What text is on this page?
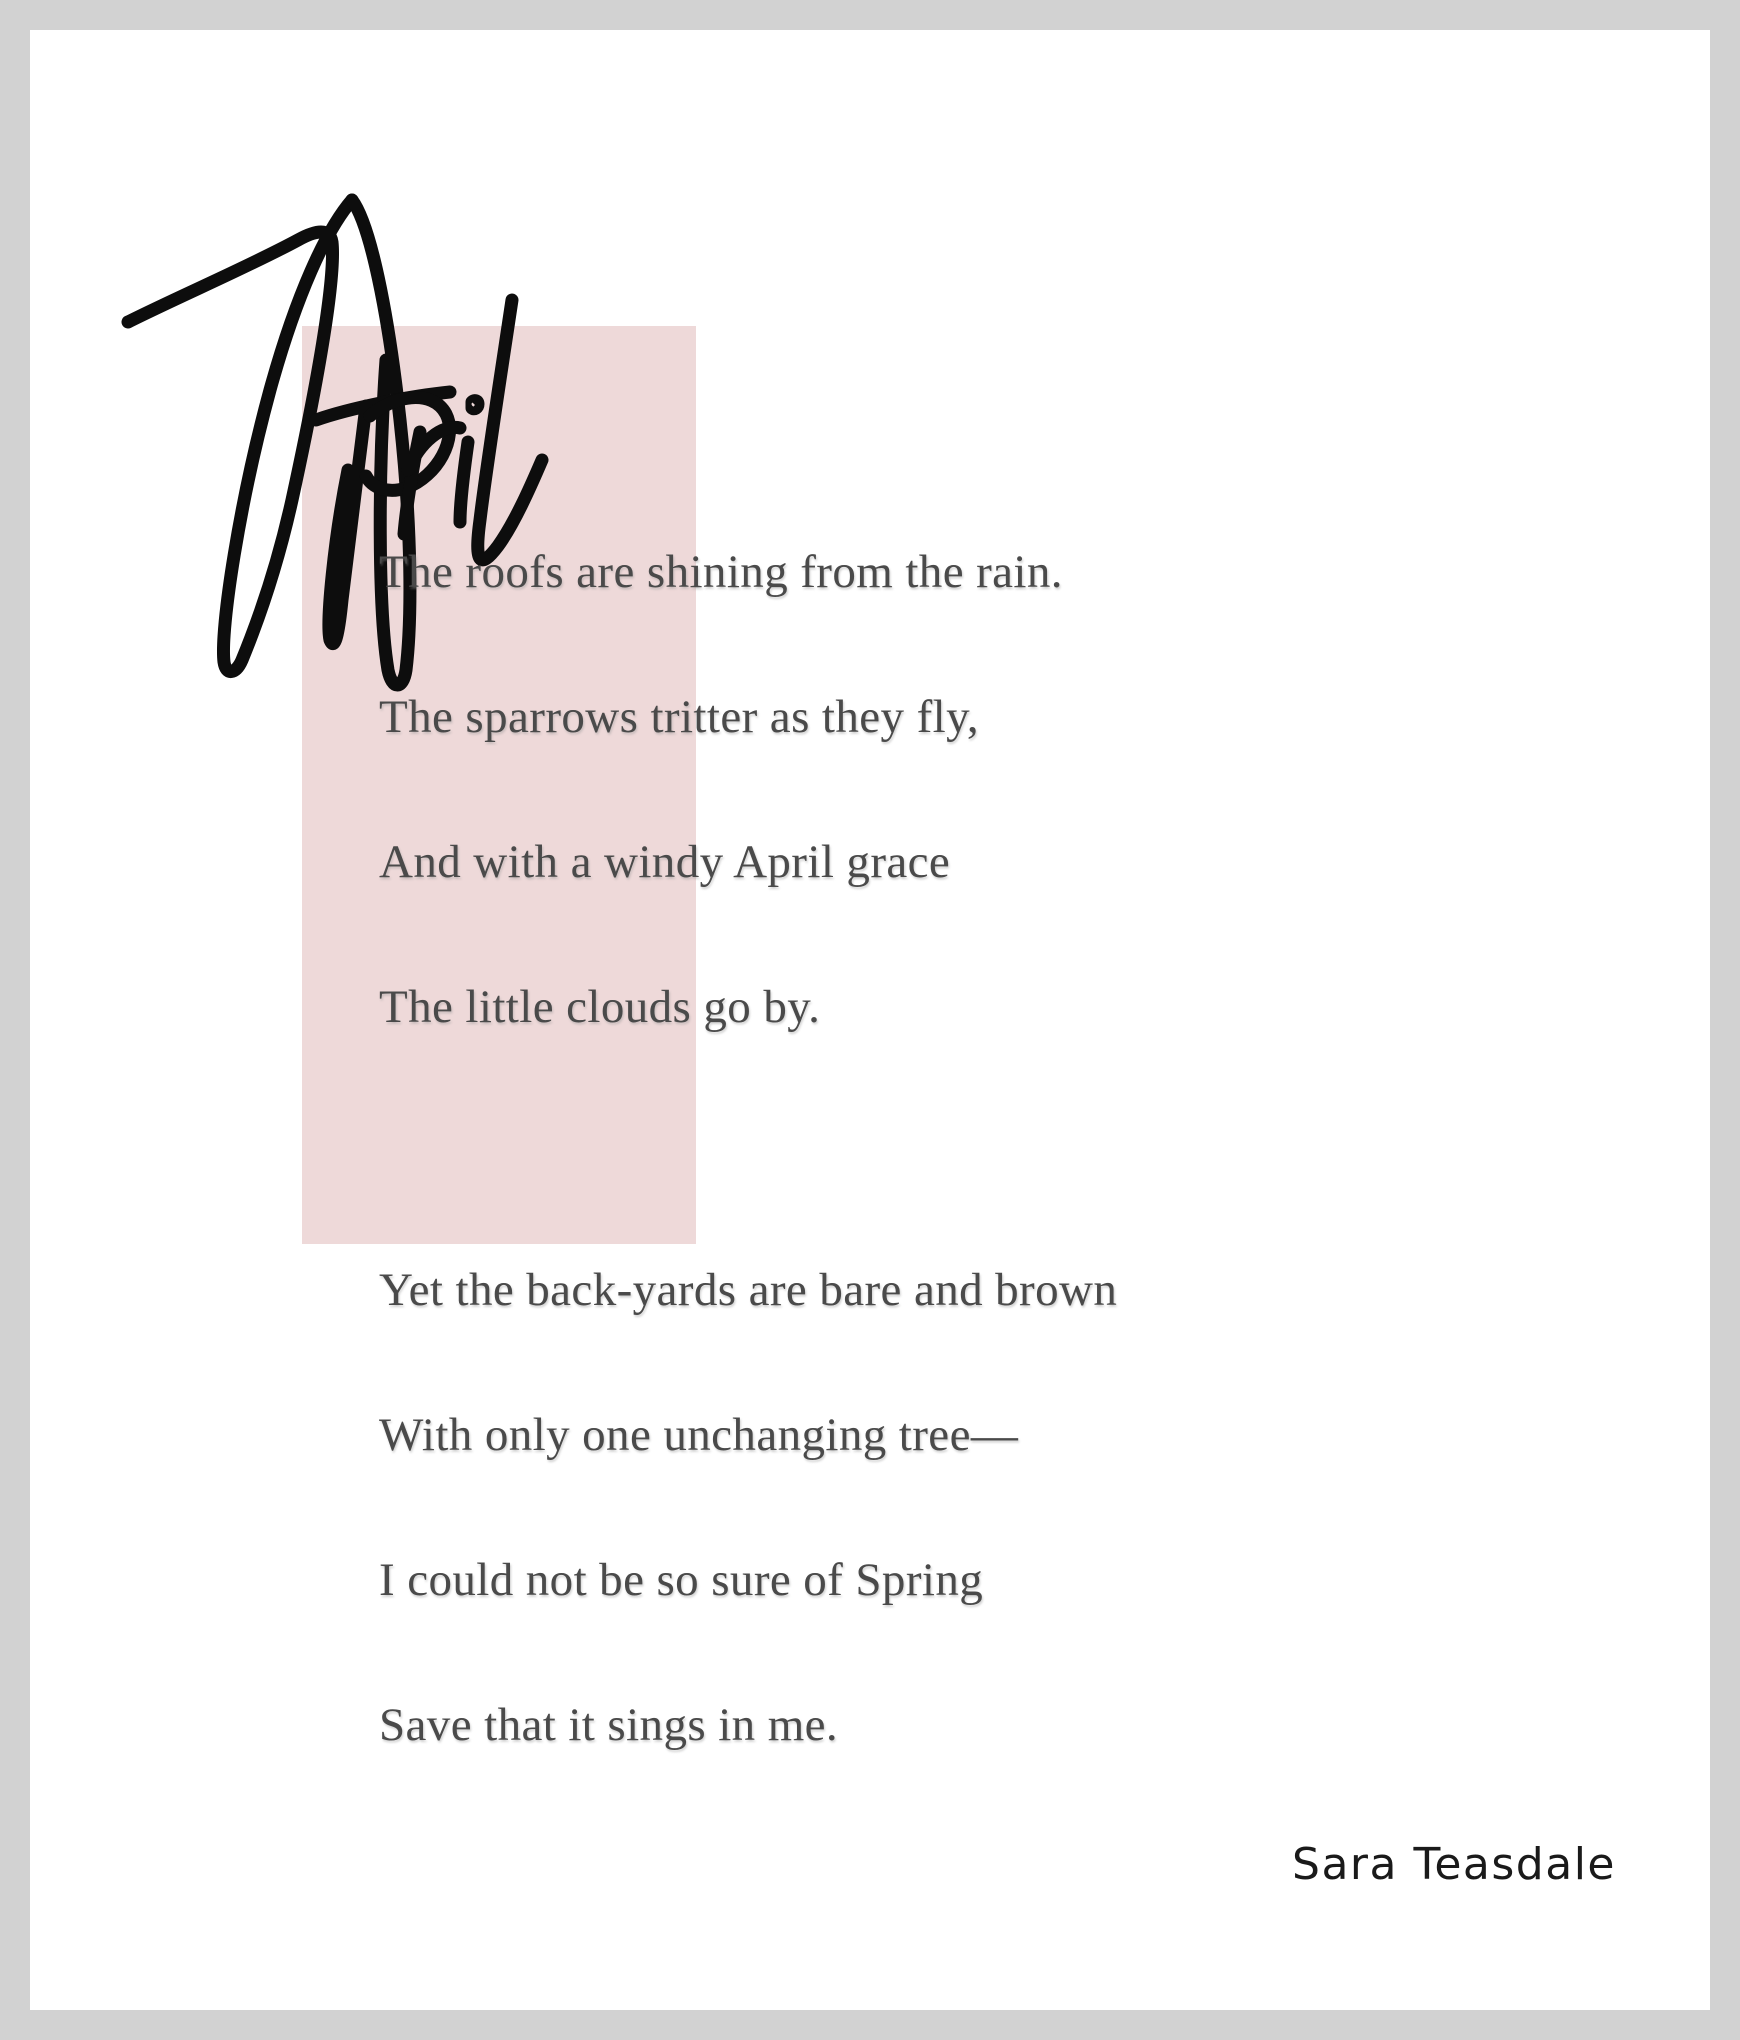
The roofs are shining from the rain.
The sparrows tritter as they fly,
And with a windy April grace
The little clouds go by.
Yet the back-yards are bare and brown
With only one unchanging tree—
I could not be so sure of Spring
Save that it sings in me.
Sara Teasdale
